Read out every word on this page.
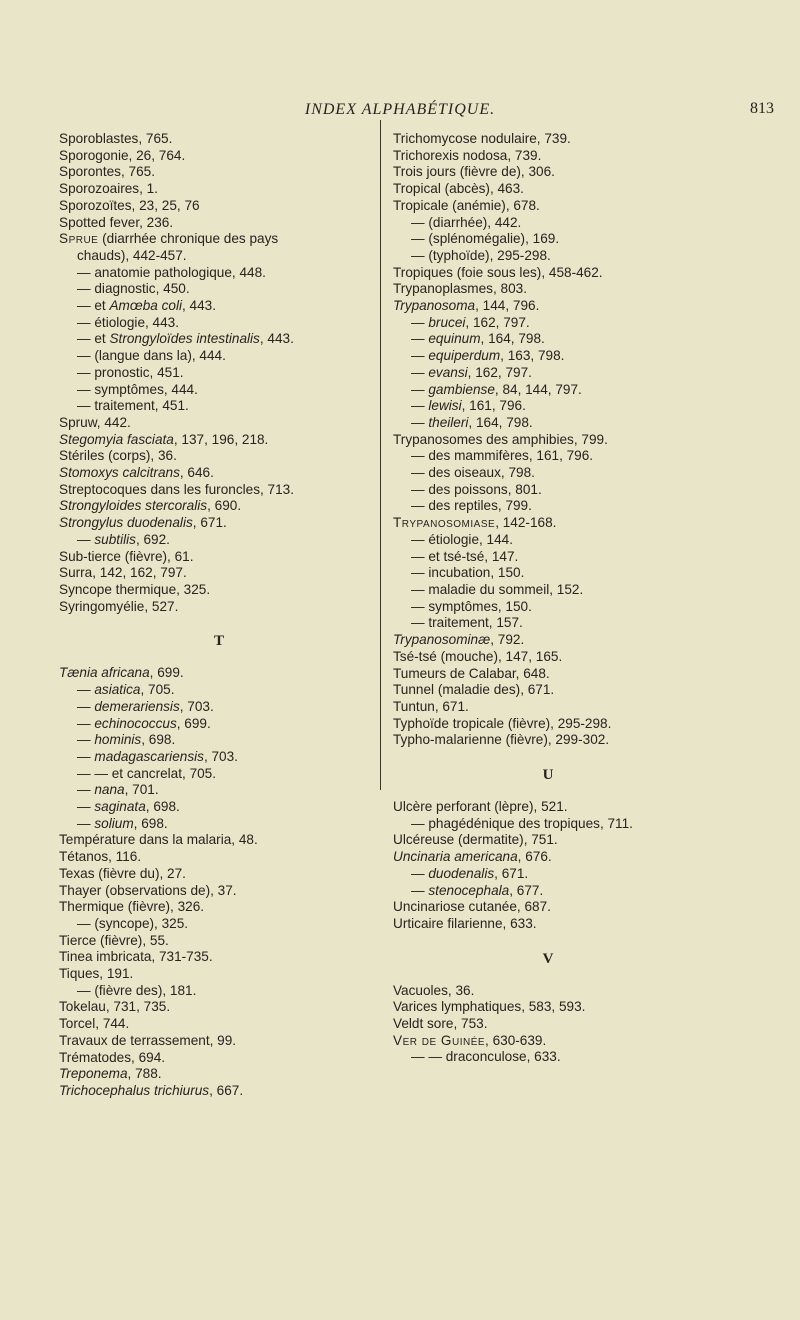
INDEX ALPHABÉTIQUE.	813
Sporoblastes, 765.
Sporogonie, 26, 764.
Sporontes, 765.
Sporozoaires, 1.
Sporozoïtes, 23, 25, 76
Spotted fever, 236.
Sprue (diarrhée chronique des pays
chauds), 442-457.
— anatomie pathologique, 448.
— diagnostic, 450.
— et Amœba coli, 443.
— étiologie, 443.
— et Strongyloïdes intestinalis, 443.
— (langue dans la), 444.
— pronostic, 451.
— symptômes, 444.
— traitement, 451.
Spruw, 442.
Stegomyia fasciata, 137, 196, 218.
Stériles (corps), 36.
Stomoxys calcitrans, 646.
Streptocoques dans les furoncles, 713.
Strongyloides stercoralis, 690.
Strongylus duodenalis, 671.
— subtilis, 692.
Sub-tierce (fièvre), 61.
Surra, 142, 162, 797.
Syncope thermique, 325.
Syringomyélie, 527.
T
Tænia africana, 699.
— asiatica, 705.
— demerariensis, 703.
— echinococcus, 699.
— hominis, 698.
— madagascariensis, 703.
— — et cancrelat, 705.
— nana, 701.
— saginata, 698.
— solium, 698.
Température dans la malaria, 48.
Tétanos, 116.
Texas (fièvre du), 27.
Thayer (observations de), 37.
Thermique (fièvre), 326.
— (syncope), 325.
Tierce (fièvre), 55.
Tinea imbricata, 731-735.
Tiques, 191.
— (fièvre des), 181.
Tokelau, 731, 735.
Torcel, 744.
Travaux de terrassement, 99.
Trématodes, 694.
Treponema, 788.
Trichocephalus trichiurus, 667.
Trichomycose nodulaire, 739.
Trichorexis nodosa, 739.
Trois jours (fièvre de), 306.
Tropical (abcès), 463.
Tropicale (anémie), 678.
— (diarrhée), 442.
— (splénomégalie), 169.
— (typhoïde), 295-298.
Tropiques (foie sous les), 458-462.
Trypanoplasmes, 803.
Trypanosoma, 144, 796.
— brucei, 162, 797.
— equinum, 164, 798.
— equiperdum, 163, 798.
— evansi, 162, 797.
— gambiense, 84, 144, 797.
— lewisi, 161, 796.
— theileri, 164, 798.
Trypanosomes des amphibies, 799.
— des mammifères, 161, 796.
— des oiseaux, 798.
— des poissons, 801.
— des reptiles, 799.
Trypanosomiase, 142-168.
— étiologie, 144.
— et tsé-tsé, 147.
— incubation, 150.
— maladie du sommeil, 152.
— symptômes, 150.
— traitement, 157.
Trypanosominæ, 792.
Tsé-tsé (mouche), 147, 165.
Tumeurs de Calabar, 648.
Tunnel (maladie des), 671.
Tuntun, 671.
Typhoïde tropicale (fièvre), 295-298.
Typho-malarienne (fièvre), 299-302.
U
Ulcère perforant (lèpre), 521.
— phagédénique des tropiques, 711.
Ulcéreuse (dermatite), 751.
Uncinaria americana, 676.
— duodenalis, 671.
— stenocephala, 677.
Uncinariose cutanée, 687.
Urticaire filarienne, 633.
V
Vacuoles, 36.
Varices lymphatiques, 583, 593.
Veldt sore, 753.
Ver de Guinée, 630-639.
— — draconculose, 633.
